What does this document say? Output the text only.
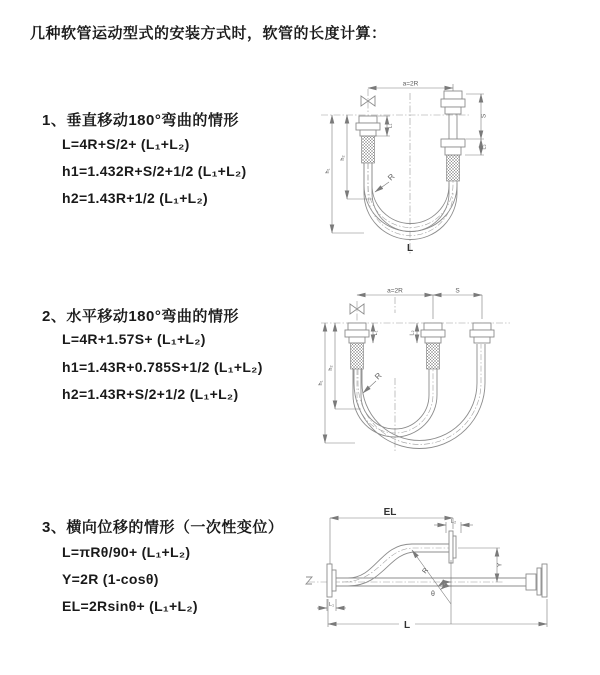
几种软管运动型式的安装方式时，软管的长度计算：
1、垂直移动180°弯曲的情形
L=4R+S/2+ (L₁+L₂)
h1=1.432R+S/2+1/2 (L₁+L₂)
h2=1.43R+1/2 (L₁+L₂)
2、水平移动180°弯曲的情形
L=4R+1.57S+ (L₁+L₂)
h1=1.43R+0.785S+1/2 (L₁+L₂)
h2=1.43R+S/2+1/2 (L₁+L₂)
3、横向位移的情形（一次性变位）
L=πRθ/90+ (L₁+L₂)
Y=2R (1-cosθ)
EL=2Rsinθ+ (L₁+L₂)
a=2R
S
L₂
L₁
h₂
h₁
R
L
a=2R	S
L₁	L₂
h₂
h₁
R
EL
L₂
Y
θ
R
L₁
L
